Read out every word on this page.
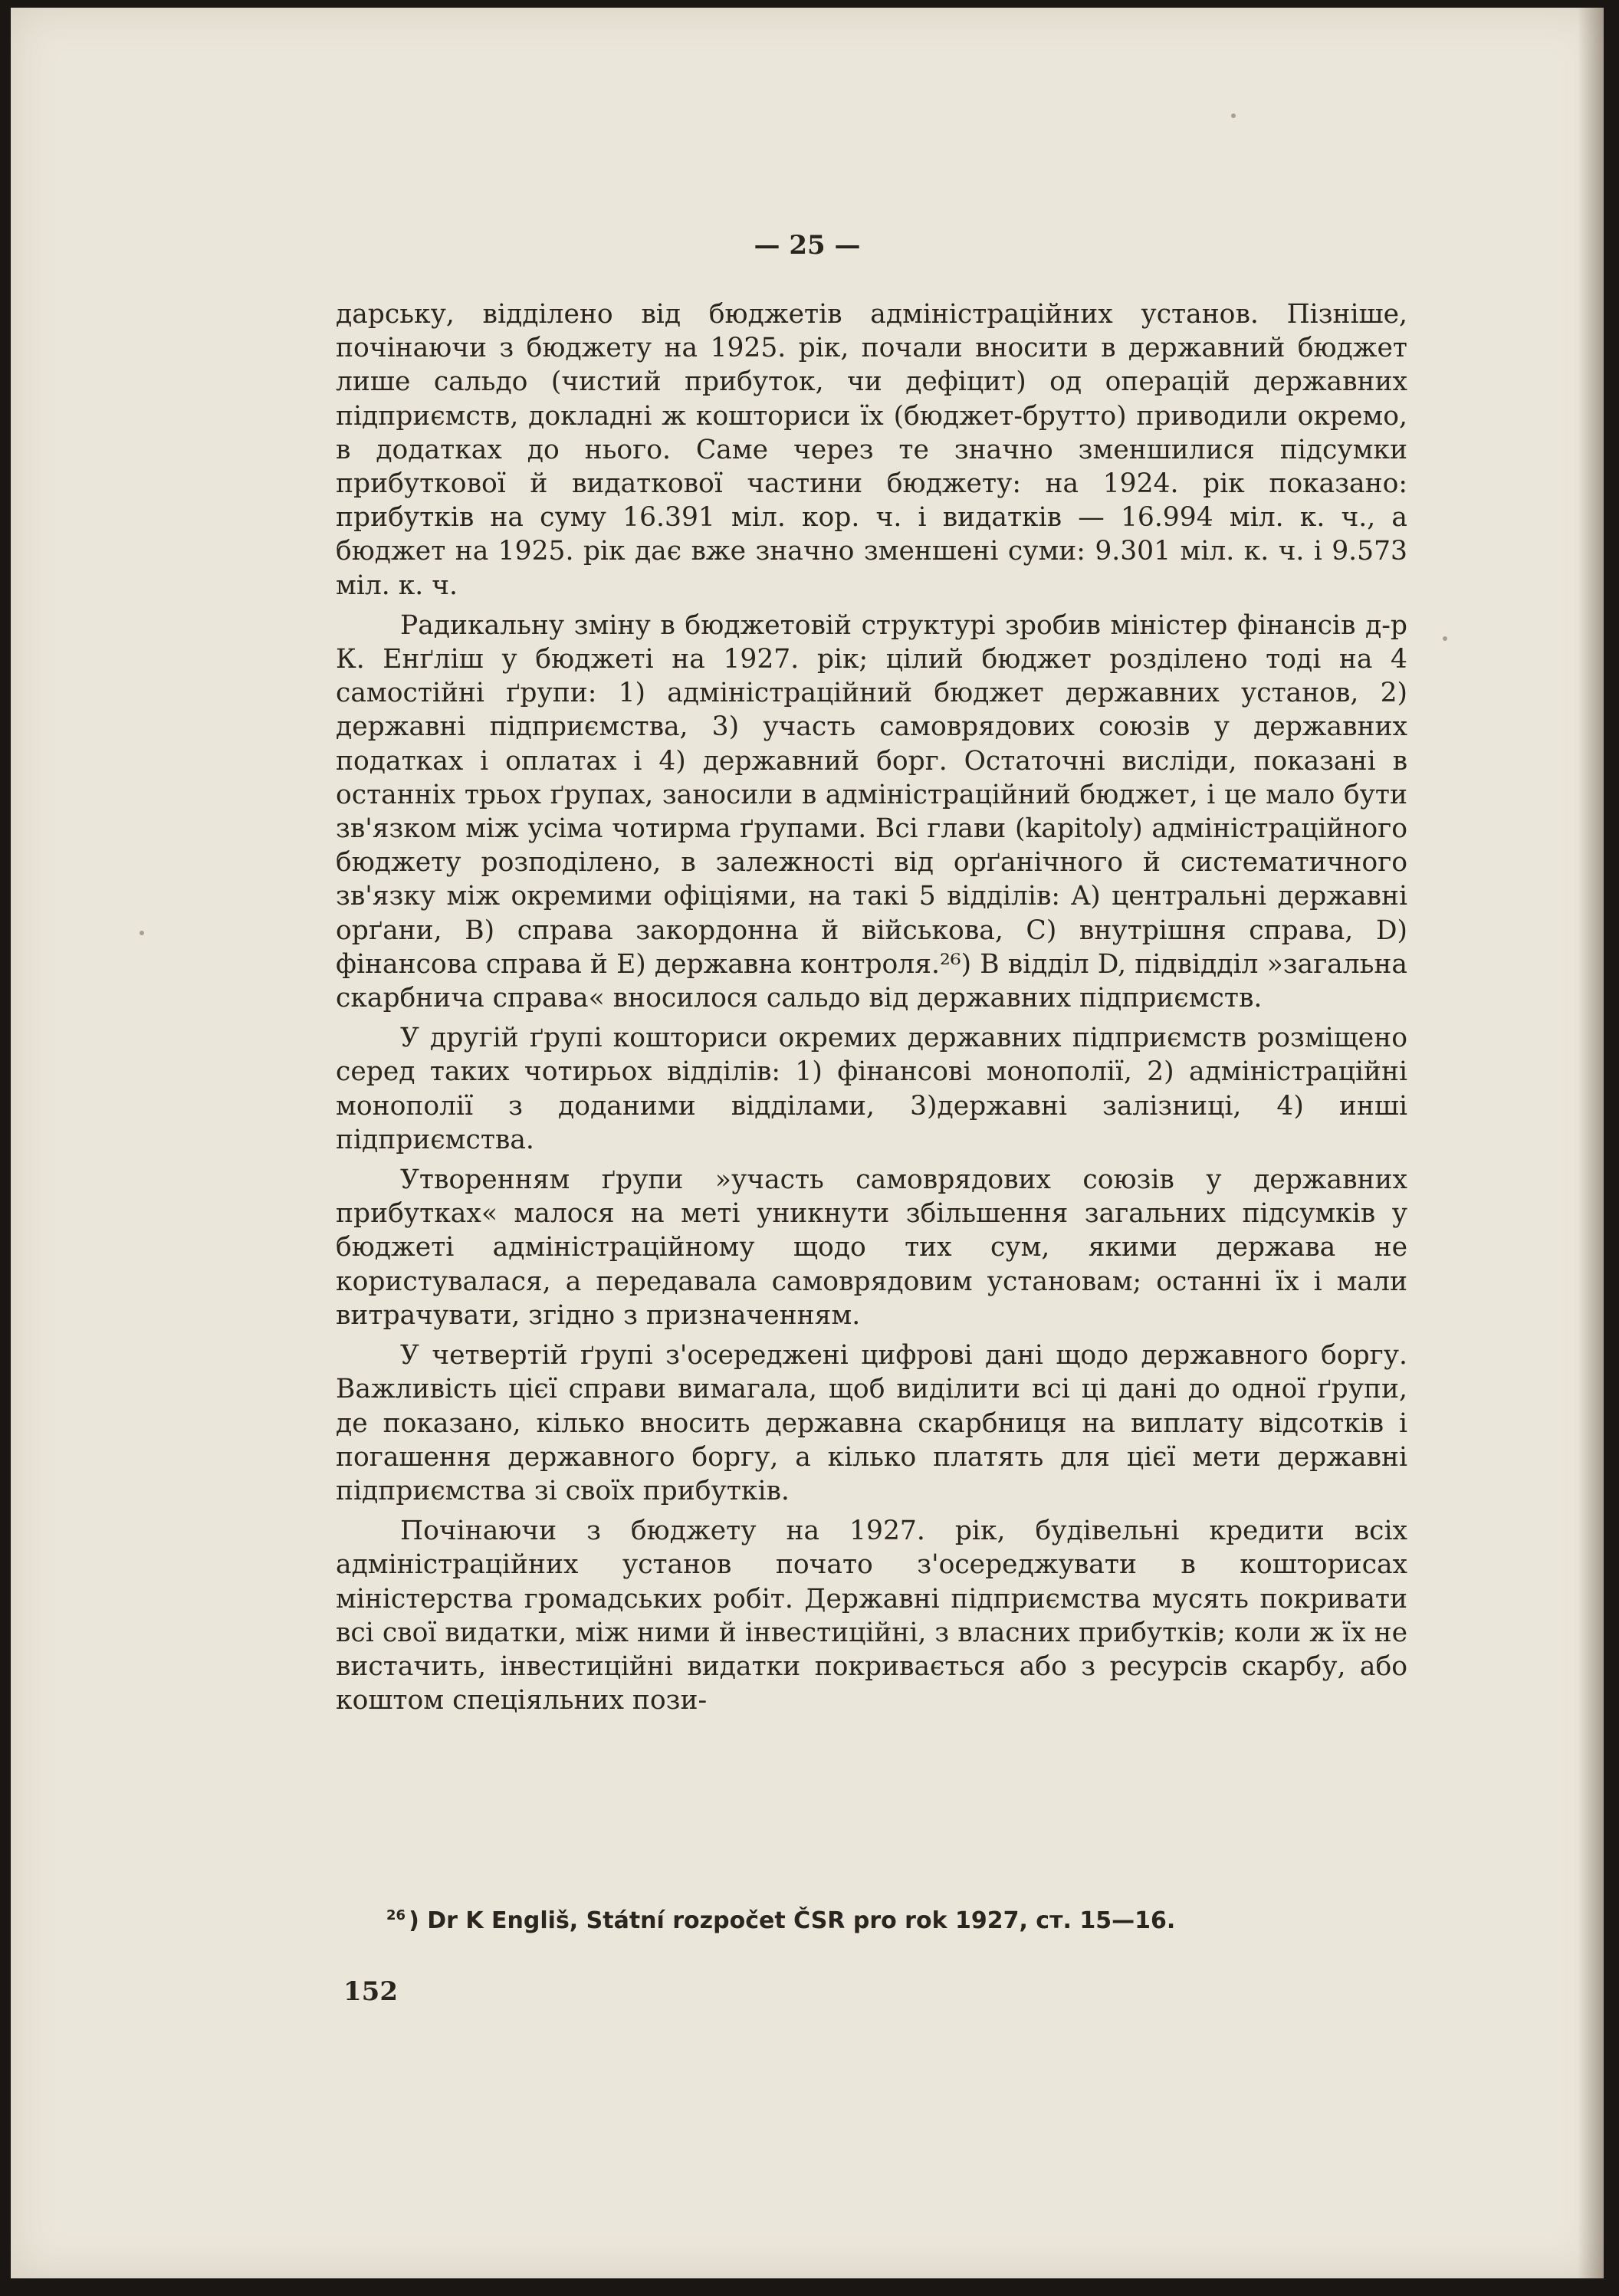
— 25 —

дарську, відділено від бюджетів адміністраційних установ. Пізніше, почінаючи з бюджету на 1925. рік, почали вносити в державний бюджет лише сальдо (чистий прибуток, чи дефіцит) од операцій державних підприємств, докладні ж кошториси їх (бюджет-брутто) приводили окремо, в додатках до нього. Саме через те значно зменшилися підсумки прибуткової й видаткової частини бюджету: на 1924. рік показано: прибутків на суму 16.391 міл. кор. ч. і видатків — 16.994 міл. к. ч., а бюджет на 1925. рік дає вже значно зменшені суми: 9.301 міл. к. ч. і 9.573 міл. к. ч.

Радикальну зміну в бюджетовій структурі зробив міністер фінансів д-р К. Енґліш у бюджеті на 1927. рік; цілий бюджет розділено тоді на 4 самостійні ґрупи: 1) адміністраційний бюджет державних установ, 2) державні підприємства, 3) участь самоврядових союзів у державних податках і оплатах і 4) державний борг. Остаточні висліди, показані в останніх трьох ґрупах, заносили в адміністраційний бюджет, і це мало бути зв'язком між усіма чотирма ґрупами. Всі глави (kapitoly) адміністраційного бюджету розподілено, в залежності від орґанічного й систематичного зв'язку між окремими офіціями, на такі 5 відділів: A) центральні державні орґани, B) справа закордонна й військова, C) внутрішня справа, D) фінансова справа й E) державна контроля.²⁶) В відділ D, підвідділ »загальна скарбнича справа« вносилося сальдо від державних підприємств.

У другій ґрупі кошториси окремих державних підприємств розміщено серед таких чотирьох відділів: 1) фінансові монополії, 2) адміністраційні монополії з доданими відділами, 3)державні залізниці, 4) инші підприємства.

Утворенням ґрупи »участь самоврядових союзів у державних прибутках« малося на меті уникнути збільшення загальних підсумків у бюджеті адміністраційному щодо тих сум, якими держава не користувалася, а передавала самоврядовим установам; останні їх і мали витрачувати, згідно з призначенням.

У четвертій ґрупі з'осереджені цифрові дані щодо державного боргу. Важливість цієї справи вимагала, щоб виділити всі ці дані до одної ґрупи, де показано, кілько вносить державна скарбниця на виплату відсотків і погашення державного боргу, а кілько платять для цієї мети державні підприємства зі своїх прибутків.

Почінаючи з бюджету на 1927. рік, будівельні кредити всіх адміністраційних установ почато з'осереджувати в кошторисах міністерства громадських робіт. Державні підприємства мусять покривати всі свої видатки, між ними й інвестиційні, з власних прибутків; коли ж їх не вистачить, інвестиційні видатки покривається або з ресурсів скарбу, або коштом спеціяльних пози-

$^{26}$ ) Dr K Engliš, Státní rozpočet ČSR pro rok 1927, ст. 15—16.
152
